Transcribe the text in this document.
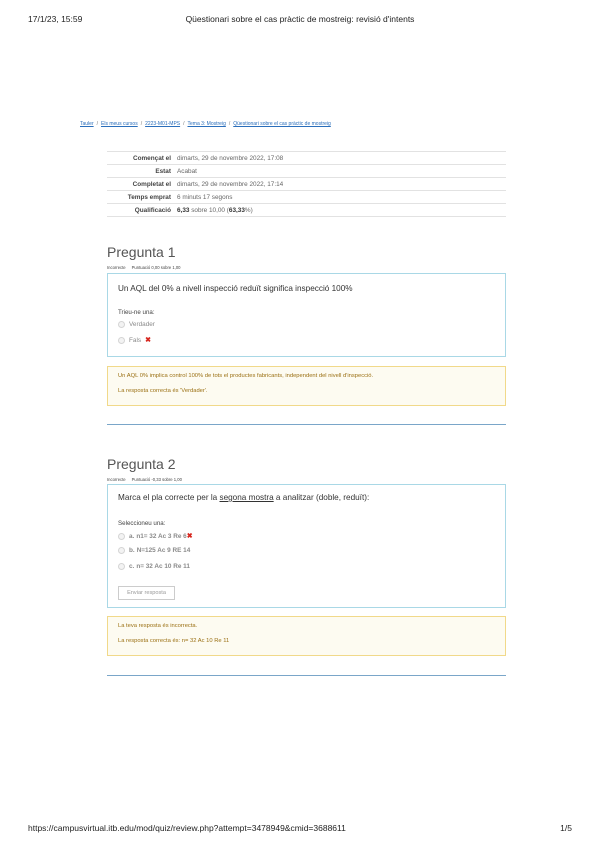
17/1/23, 15:59	Qüestionari sobre el cas pràctic de mostreig: revisió d'intents
Tauler / Els meus cursos / 2223-M01-MPS / Tema 3: Mostreig / Qüestionari sobre el cas pràctic de mostreig
Començat el	dimarts, 29 de novembre 2022, 17:08
Estat	Acabat
Completat el	dimarts, 29 de novembre 2022, 17:14
Temps emprat	6 minuts 17 segons
Qualificació	6,33 sobre 10,00 (63,33%)
Pregunta 1
Incorrecte Puntuació 0,00 sobre 1,00
Un AQL del 0% a nivell inspecció reduït significa inspecció 100%
Trieu-ne una:
Verdader
Fals ✖
Un AQL 0% implica control 100% de tots el productes fabricants, independent del nivell d'inspecció.
La resposta correcta és 'Verdader'.
Pregunta 2
Incorrecte Puntuació -0,33 sobre 1,00
Marca el pla correcte per la segona mostra a analitzar (doble, reduït):
Seleccioneu una:
a. n1= 32 Ac 3 Re 6 ✖
b. N=125 Ac 9 RE 14
c. n= 32 Ac 10 Re 11
Enviar resposta
La teva resposta és incorrecta.
La resposta correcta és: n= 32 Ac 10 Re 11
https://campusvirtual.itb.edu/mod/quiz/review.php?attempt=3478949&cmid=3688611	1/5
